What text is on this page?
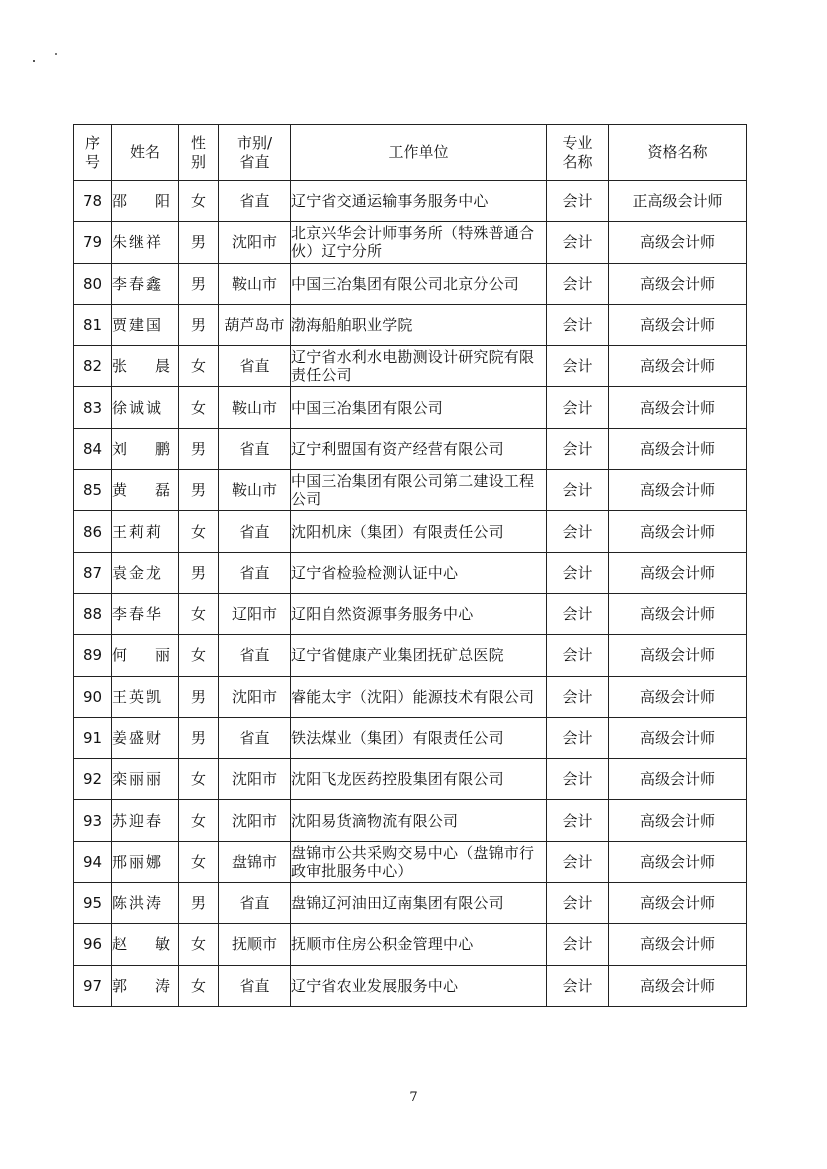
序号	姓名	性别	市别/省直	工作单位	专业名称	资格名称
78	邵 阳	女	省直	辽宁省交通运输事务服务中心	会计	正高级会计师
79	朱继祥	男	沈阳市	北京兴华会计师事务所（特殊普通合伙）辽宁分所	会计	高级会计师
80	李春鑫	男	鞍山市	中国三冶集团有限公司北京分公司	会计	高级会计师
81	贾建国	男	葫芦岛市	渤海船舶职业学院	会计	高级会计师
82	张 晨	女	省直	辽宁省水利水电勘测设计研究院有限责任公司	会计	高级会计师
83	徐诚诚	女	鞍山市	中国三冶集团有限公司	会计	高级会计师
84	刘 鹏	男	省直	辽宁利盟国有资产经营有限公司	会计	高级会计师
85	黄 磊	男	鞍山市	中国三冶集团有限公司第二建设工程公司	会计	高级会计师
86	王莉莉	女	省直	沈阳机床（集团）有限责任公司	会计	高级会计师
87	袁金龙	男	省直	辽宁省检验检测认证中心	会计	高级会计师
88	李春华	女	辽阳市	辽阳自然资源事务服务中心	会计	高级会计师
89	何 丽	女	省直	辽宁省健康产业集团抚矿总医院	会计	高级会计师
90	王英凯	男	沈阳市	睿能太宇（沈阳）能源技术有限公司	会计	高级会计师
91	姜盛财	男	省直	铁法煤业（集团）有限责任公司	会计	高级会计师
92	栾丽丽	女	沈阳市	沈阳飞龙医药控股集团有限公司	会计	高级会计师
93	苏迎春	女	沈阳市	沈阳易货滴物流有限公司	会计	高级会计师
94	邢丽娜	女	盘锦市	盘锦市公共采购交易中心（盘锦市行政审批服务中心）	会计	高级会计师
95	陈洪涛	男	省直	盘锦辽河油田辽南集团有限公司	会计	高级会计师
96	赵 敏	女	抚顺市	抚顺市住房公积金管理中心	会计	高级会计师
97	郭 涛	女	省直	辽宁省农业发展服务中心	会计	高级会计师
7
